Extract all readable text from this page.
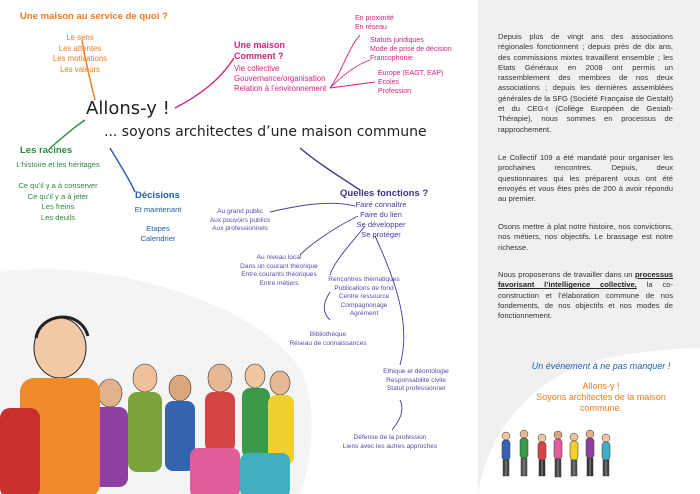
Une maison au service de quoi ?
Le sens
Les attentes
Les motivations
Les valeurs
Une maison
Comment ?
Vie collective
Gouvernance/organisation
Relation à l’environnement
En proximité
En réseau
Statuts juridiques
Mode de prise de décision
Francophonie
Europe (EAGT, EAP)
Ecoles
Profession
Allons-y !
... soyons architectes d’une maison commune
Les racines
L’histoire et les héritages
Ce qu’il y a à conserver
Ce qu’il y a à jeter
Les freins
Les deuils
Décisions
Et maintenant
Etapes
Calendrier
Quelles fonctions ?
Faire connaître
Faire du lien
Se développer
Se protéger
Au grand public
Aux pouvoirs publics
Aux professionnels
Au niveau local
Dans un courant théorique
Entre courants théoriques
Entre métiers
Rencontres thématiques
Publications de fond
Centre ressource
Compagnonage
Agrément
Bibliothèque
Réseau de connaissances
Ethique et déontologie
Responsabilité civile
Statut professionnel
Défense de la profession
Liens avec les autres approches
Depuis plus de vingt ans des associations régionales fonctionnent ; depuis près de dix ans, des commissions mixtes travaillent ensemble ; les Etats Généraux en 2008 ont permis un rassemblement des membres de nos deux associations ; depuis les dernières assemblées générales de la SFG (Société Française de Gestalt) et du CEG-t (Collège Européen de Gestalt-Thérapie), nous sommes en processus de rapprochement.
Le Collectif 109 a été mandaté pour organiser les prochaines rencontres. Depuis, deux questionnaires qui les préparent vous ont été envoyés et vous êtes près de 200 à avoir répondu au premier.
Osons mettre à plat notre histoire, nos convictions, nos métiers, nos objectifs. Le brassage est notre richesse.
Nous proposerons de travailler dans un processus favorisant l’intelligence collective, la co-construction et l’élaboration commune de nos fondements, de nos objectifs et nos modes de fonctionnement.
Un événement à ne pas manquer !
Allons-y !
Soyons architectes de la maison
commune.
